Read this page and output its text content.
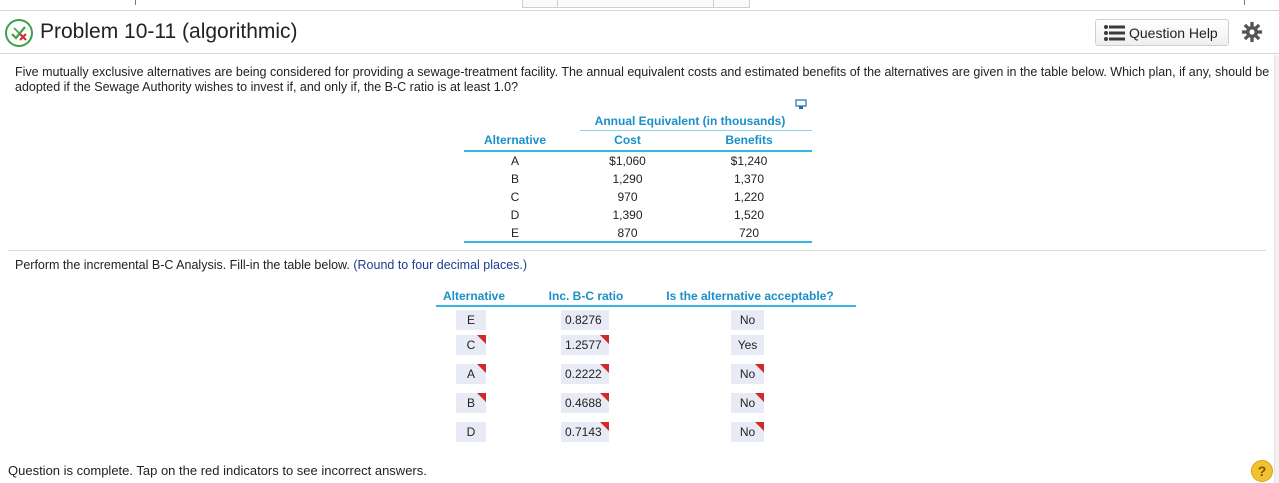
Problem 10-11 (algorithmic)	Question Help
Five mutually exclusive alternatives are being considered for providing a sewage-treatment facility. The annual equivalent costs and estimated benefits of the alternatives are given in the table below. Which plan, if any, should be adopted if the Sewage Authority wishes to invest if, and only if, the B-C ratio is at least 1.0?
Annual Equivalent (in thousands)
Alternative	Cost	Benefits
A	$1,060	$1,240
B	1,290	1,370
C	970	1,220
D	1,390	1,520
E	870	720
Perform the incremental B-C Analysis. Fill-in the table below. (Round to four decimal places.)
Alternative	Inc. B-C ratio	Is the alternative acceptable?
E	0.8276	No
C	1.2577	Yes
A	0.2222	No
B	0.4688	No
D	0.7143	No
Question is complete. Tap on the red indicators to see incorrect answers.	?
